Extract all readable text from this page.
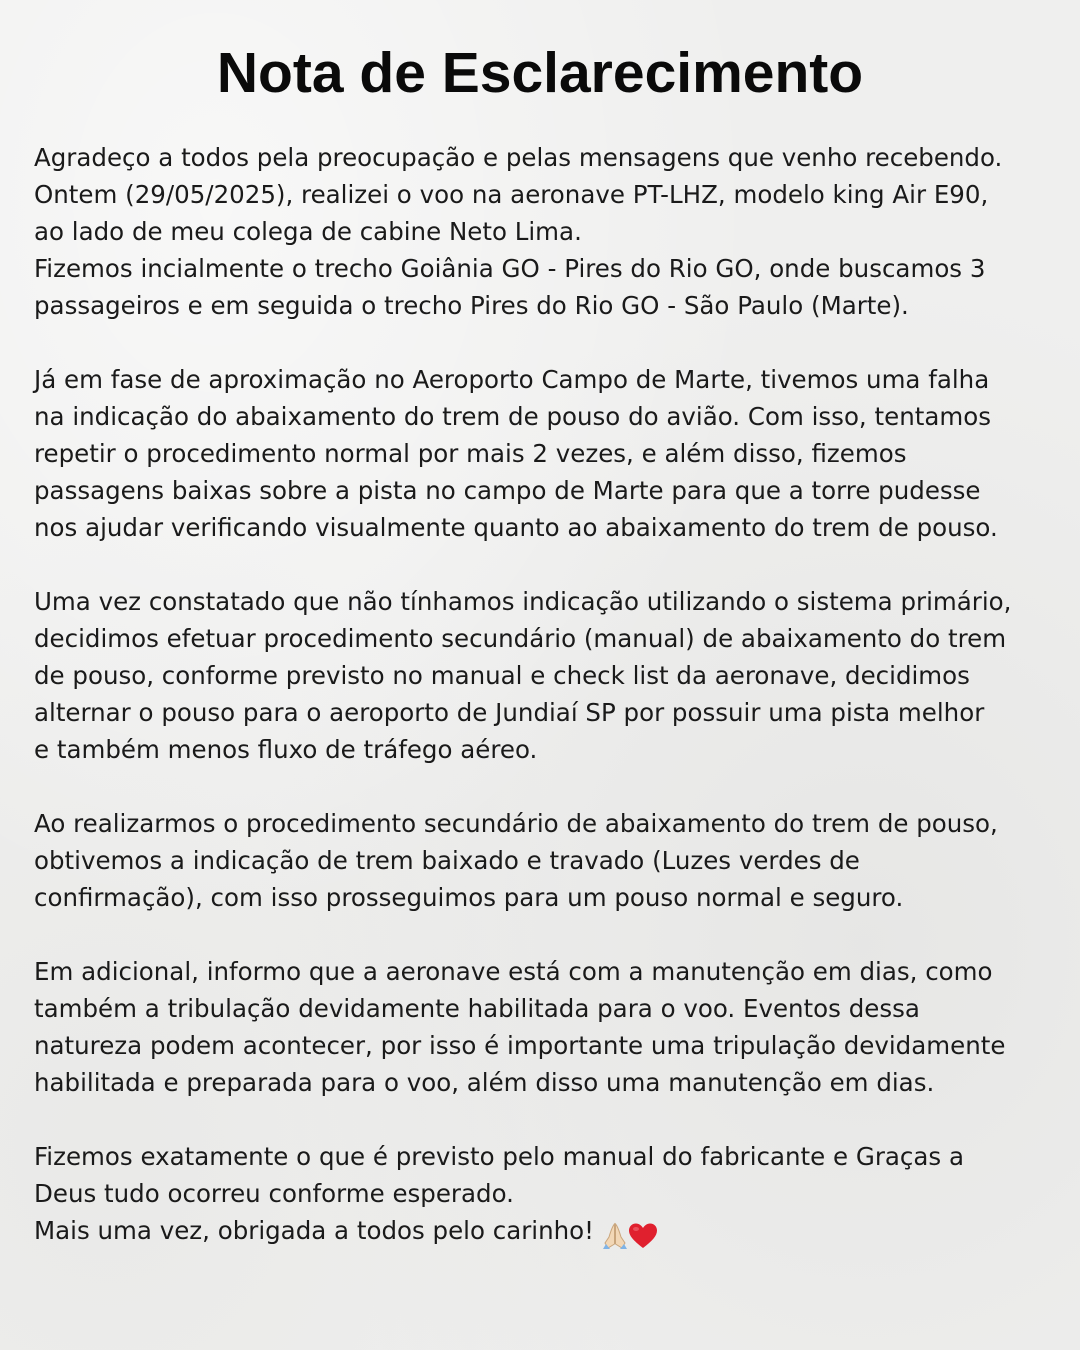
Nota de Esclarecimento

Agradeço a todos pela preocupação e pelas mensagens que venho recebendo.
Ontem (29/05/2025), realizei o voo na aeronave PT-LHZ, modelo king Air E90,
ao lado de meu colega de cabine Neto Lima.
Fizemos incialmente o trecho Goiânia GO - Pires do Rio GO, onde buscamos 3
passageiros e em seguida o trecho Pires do Rio GO - São Paulo (Marte).

Já em fase de aproximação no Aeroporto Campo de Marte, tivemos uma falha
na indicação do abaixamento do trem de pouso do avião. Com isso, tentamos
repetir o procedimento normal por mais 2 vezes, e além disso, fizemos
passagens baixas sobre a pista no campo de Marte para que a torre pudesse
nos ajudar verificando visualmente quanto ao abaixamento do trem de pouso.

Uma vez constatado que não tínhamos indicação utilizando o sistema primário,
decidimos efetuar procedimento secundário (manual) de abaixamento do trem
de pouso, conforme previsto no manual e check list da aeronave, decidimos
alternar o pouso para o aeroporto de Jundiaí SP por possuir uma pista melhor
e também menos fluxo de tráfego aéreo.

Ao realizarmos o procedimento secundário de abaixamento do trem de pouso,
obtivemos a indicação de trem baixado e travado (Luzes verdes de
confirmação), com isso prosseguimos para um pouso normal e seguro.

Em adicional, informo que a aeronave está com a manutenção em dias, como
também a tribulação devidamente habilitada para o voo. Eventos dessa
natureza podem acontecer, por isso é importante uma tripulação devidamente
habilitada e preparada para o voo, além disso uma manutenção em dias.

Fizemos exatamente o que é previsto pelo manual do fabricante e Graças a
Deus tudo ocorreu conforme esperado.
Mais uma vez, obrigada a todos pelo carinho!
